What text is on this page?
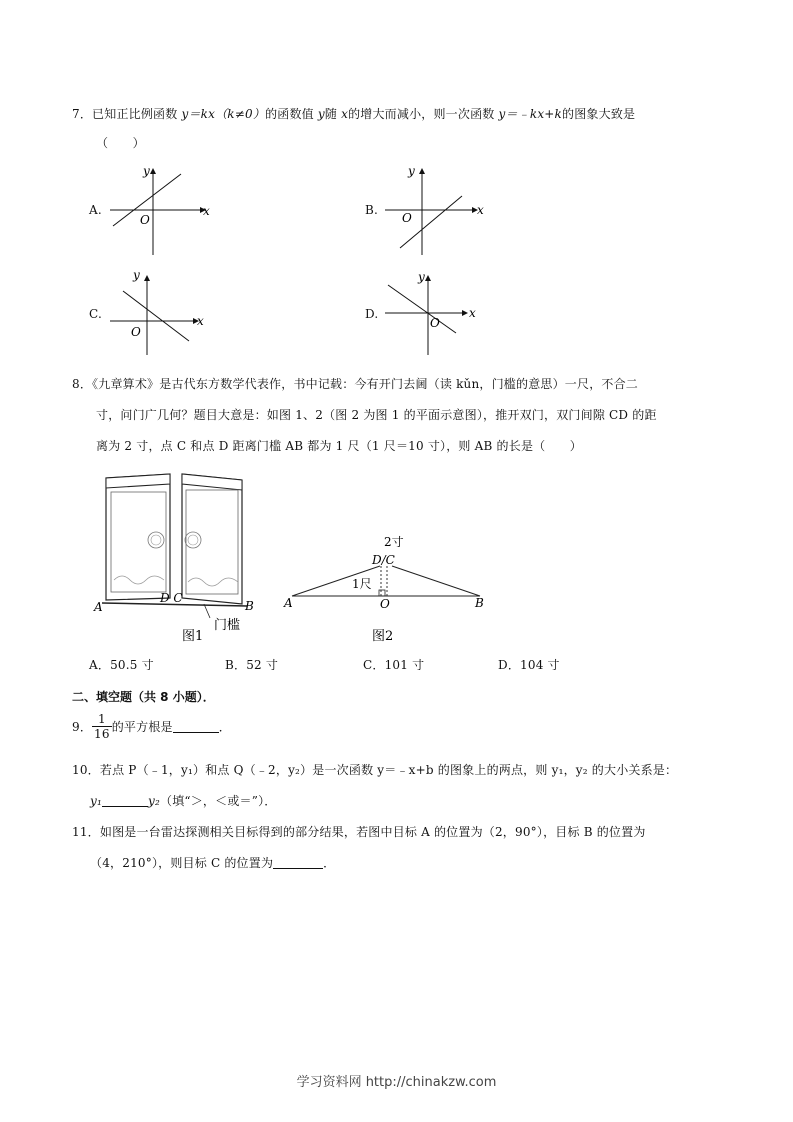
7．已知正比例函数 y＝kx（k≠0）的函数值 y随 x的增大而减小，则一次函数 y＝﹣kx+k的图象大致是
（　　）
A.	x
y
O
B.	x
y
O
C.	x
y
O
D.	x
y
O
8．《九章算术》是古代东方数学代表作，书中记载：今有开门去阃（读 kǔn，门槛的意思）一尺，不合二
寸，问门广几何？题目大意是：如图 1、2（图 2 为图 1 的平面示意图），推开双门，双门间隙 CD 的距
离为 2 寸，点 C 和点 D 距离门槛 AB 都为 1 尺（1 尺＝10 寸），则 AB 的长是（　　）
A	B
D C
门槛
图1
2寸
D/C
1尺
A	O	B
图2
A．50.5 寸	B．52 寸	C．101 寸	D．104 寸
二、填空题（共 8 小题）．
9． $\frac{1}{16}$ 的平方根是	．
10．若点 P（﹣1，y₁）和点 Q（﹣2，y₂）是一次函数 y＝﹣x+b 的图象上的两点，则 y₁，y₂ 的大小关系是：
y₁	y₂（填“＞，＜或＝”）．
11．如图是一台雷达探测相关目标得到的部分结果，若图中目标 A 的位置为（2，90°），目标 B 的位置为
（4，210°），则目标 C 的位置为	．
学习资料网 http://chinakzw.com
